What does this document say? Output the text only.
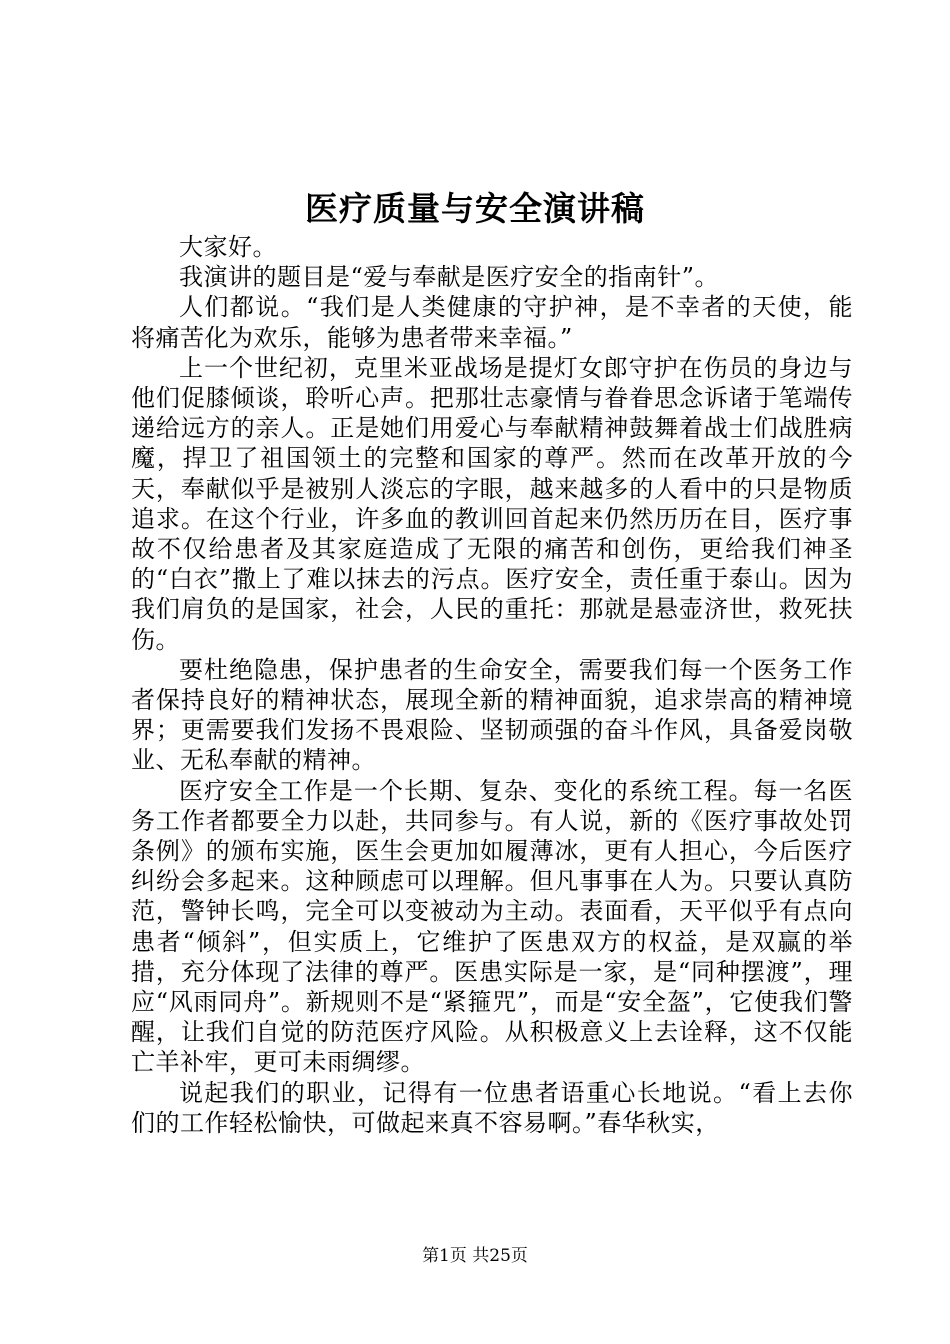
医疗质量与安全演讲稿

大家好。

我演讲的题目是“爱与奉献是医疗安全的指南针”。

人们都说。“我们是人类健康的守护神，是不幸者的天使，能将痛苦化为欢乐，能够为患者带来幸福。”

上一个世纪初，克里米亚战场是提灯女郎守护在伤员的身边与他们促膝倾谈，聆听心声。把那壮志豪情与眷眷思念诉诸于笔端传递给远方的亲人。正是她们用爱心与奉献精神鼓舞着战士们战胜病魔，捍卫了祖国领土的完整和国家的尊严。然而在改革开放的今天，奉献似乎是被别人淡忘的字眼，越来越多的人看中的只是物质追求。在这个行业，许多血的教训回首起来仍然历历在目，医疗事故不仅给患者及其家庭造成了无限的痛苦和创伤，更给我们神圣的“白衣”撒上了难以抹去的污点。医疗安全，责任重于泰山。因为我们肩负的是国家，社会，人民的重托：那就是悬壶济世，救死扶伤。

要杜绝隐患，保护患者的生命安全，需要我们每一个医务工作者保持良好的精神状态，展现全新的精神面貌，追求崇高的精神境界；更需要我们发扬不畏艰险、坚韧顽强的奋斗作风，具备爱岗敬业、无私奉献的精神。

医疗安全工作是一个长期、复杂、变化的系统工程。每一名医务工作者都要全力以赴，共同参与。有人说，新的《医疗事故处罚条例》的颁布实施，医生会更加如履薄冰，更有人担心，今后医疗纠纷会多起来。这种顾虑可以理解。但凡事事在人为。只要认真防范，警钟长鸣，完全可以变被动为主动。表面看，天平似乎有点向患者“倾斜”，但实质上，它维护了医患双方的权益，是双赢的举措，充分体现了法律的尊严。医患实际是一家，是“同种摆渡”，理应“风雨同舟”。新规则不是“紧箍咒”，而是“安全盔”，它使我们警醒，让我们自觉的防范医疗风险。从积极意义上去诠释，这不仅能亡羊补牢，更可未雨绸缪。

说起我们的职业，记得有一位患者语重心长地说。“看上去你们的工作轻松愉快，可做起来真不容易啊。”春华秋实，

第1页 共25页
